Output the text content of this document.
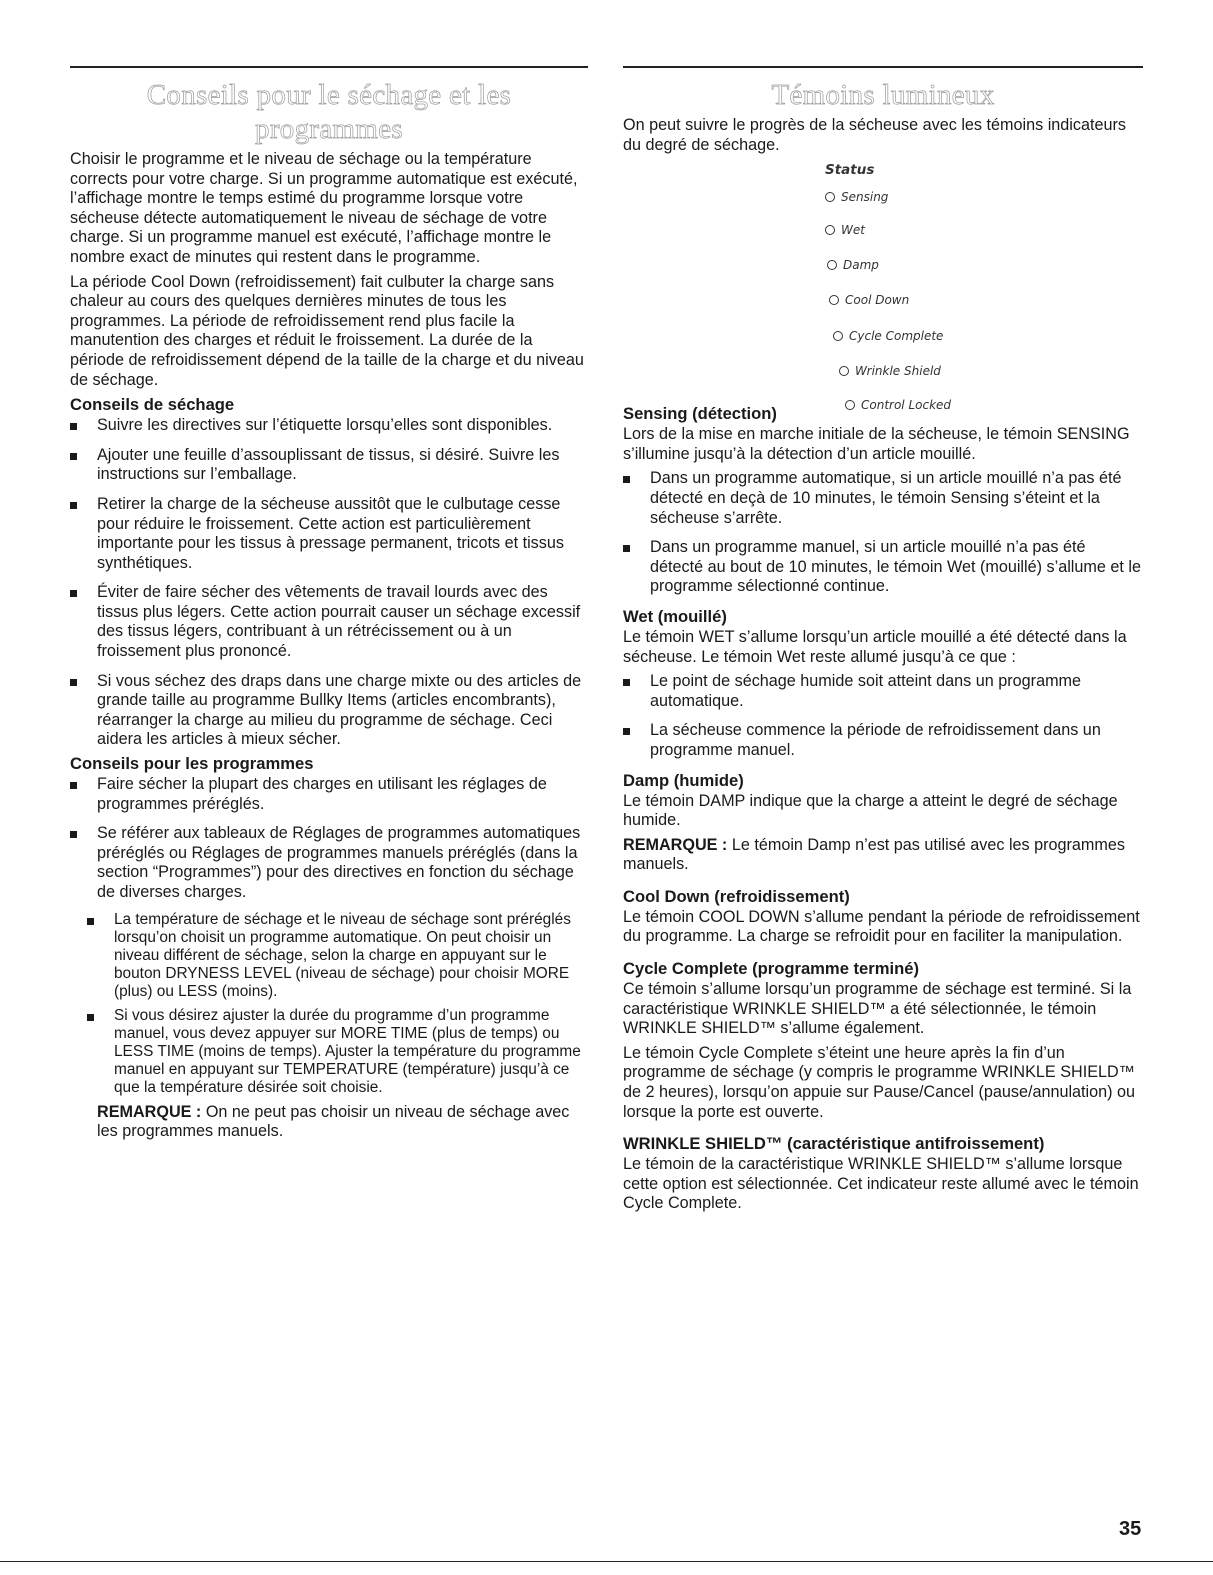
Conseils pour le séchage et les programmes

Choisir le programme et le niveau de séchage ou la température corrects pour votre charge. Si un programme automatique est exécuté, l’affichage montre le temps estimé du programme lorsque votre sécheuse détecte automatiquement le niveau de séchage de votre charge. Si un programme manuel est exécuté, l’affichage montre le nombre exact de minutes qui restent dans le programme.

La période Cool Down (refroidissement) fait culbuter la charge sans chaleur au cours des quelques dernières minutes de tous les programmes. La période de refroidissement rend plus facile la manutention des charges et réduit le froissement. La durée de la période de refroidissement dépend de la taille de la charge et du niveau de séchage.

Conseils de séchage
Suivre les directives sur l’étiquette lorsqu’elles sont disponibles.
Ajouter une feuille d’assouplissant de tissus, si désiré. Suivre les instructions sur l’emballage.
Retirer la charge de la sécheuse aussitôt que le culbutage cesse pour réduire le froissement. Cette action est particulièrement importante pour les tissus à pressage permanent, tricots et tissus synthétiques.
Éviter de faire sécher des vêtements de travail lourds avec des tissus plus légers. Cette action pourrait causer un séchage excessif des tissus légers, contribuant à un rétrécissement ou à un froissement plus prononcé.
Si vous séchez des draps dans une charge mixte ou des articles de grande taille au programme Bullky Items (articles encombrants), réarranger la charge au milieu du programme de séchage. Ceci aidera les articles à mieux sécher.
Conseils pour les programmes
Faire sécher la plupart des charges en utilisant les réglages de programmes préréglés.
Se référer aux tableaux de Réglages de programmes automatiques préréglés ou Réglages de programmes manuels préréglés (dans la section “Programmes”) pour des directives en fonction du séchage de diverses charges.
La température de séchage et le niveau de séchage sont préréglés lorsqu’on choisit un programme automatique. On peut choisir un niveau différent de séchage, selon la charge en appuyant sur le bouton DRYNESS LEVEL (niveau de séchage) pour choisir MORE (plus) ou LESS (moins).
Si vous désirez ajuster la durée du programme d’un programme manuel, vous devez appuyer sur MORE TIME (plus de temps) ou LESS TIME (moins de temps). Ajuster la température du programme manuel en appuyant sur TEMPERATURE (température) jusqu’à ce que la température désirée soit choisie.

REMARQUE : On ne peut pas choisir un niveau de séchage avec les programmes manuels.

Témoins lumineux

On peut suivre le progrès de la sécheuse avec les témoins indicateurs du degré de séchage.

Status
Sensing
Wet
Damp
Cool Down
Cycle Complete
Wrinkle Shield
Control Locked
Sensing (détection)

Lors de la mise en marche initiale de la sécheuse, le témoin SENSING s’illumine jusqu’à la détection d’un article mouillé.

Dans un programme automatique, si un article mouillé n’a pas été détecté en deçà de 10 minutes, le témoin Sensing s’éteint et la sécheuse s’arrête.
Dans un programme manuel, si un article mouillé n’a pas été détecté au bout de 10 minutes, le témoin Wet (mouillé) s’allume et le programme sélectionné continue.
Wet (mouillé)

Le témoin WET s’allume lorsqu’un article mouillé a été détecté dans la sécheuse. Le témoin Wet reste allumé jusqu’à ce que :

Le point de séchage humide soit atteint dans un programme automatique.
La sécheuse commence la période de refroidissement dans un programme manuel.
Damp (humide)

Le témoin DAMP indique que la charge a atteint le degré de séchage humide.

REMARQUE : Le témoin Damp n’est pas utilisé avec les programmes manuels.

Cool Down (refroidissement)

Le témoin COOL DOWN s’allume pendant la période de refroidissement du programme. La charge se refroidit pour en faciliter la manipulation.

Cycle Complete (programme terminé)

Ce témoin s’allume lorsqu’un programme de séchage est terminé. Si la caractéristique WRINKLE SHIELD™ a été sélectionnée, le témoin WRINKLE SHIELD™ s’allume également.

Le témoin Cycle Complete s’éteint une heure après la fin d’un programme de séchage (y compris le programme WRINKLE SHIELD™ de 2 heures), lorsqu’on appuie sur Pause/Cancel (pause/annulation) ou lorsque la porte est ouverte.

WRINKLE SHIELD™ (caractéristique antifroissement)

Le témoin de la caractéristique WRINKLE SHIELD™ s’allume lorsque cette option est sélectionnée. Cet indicateur reste allumé avec le témoin Cycle Complete.

35
